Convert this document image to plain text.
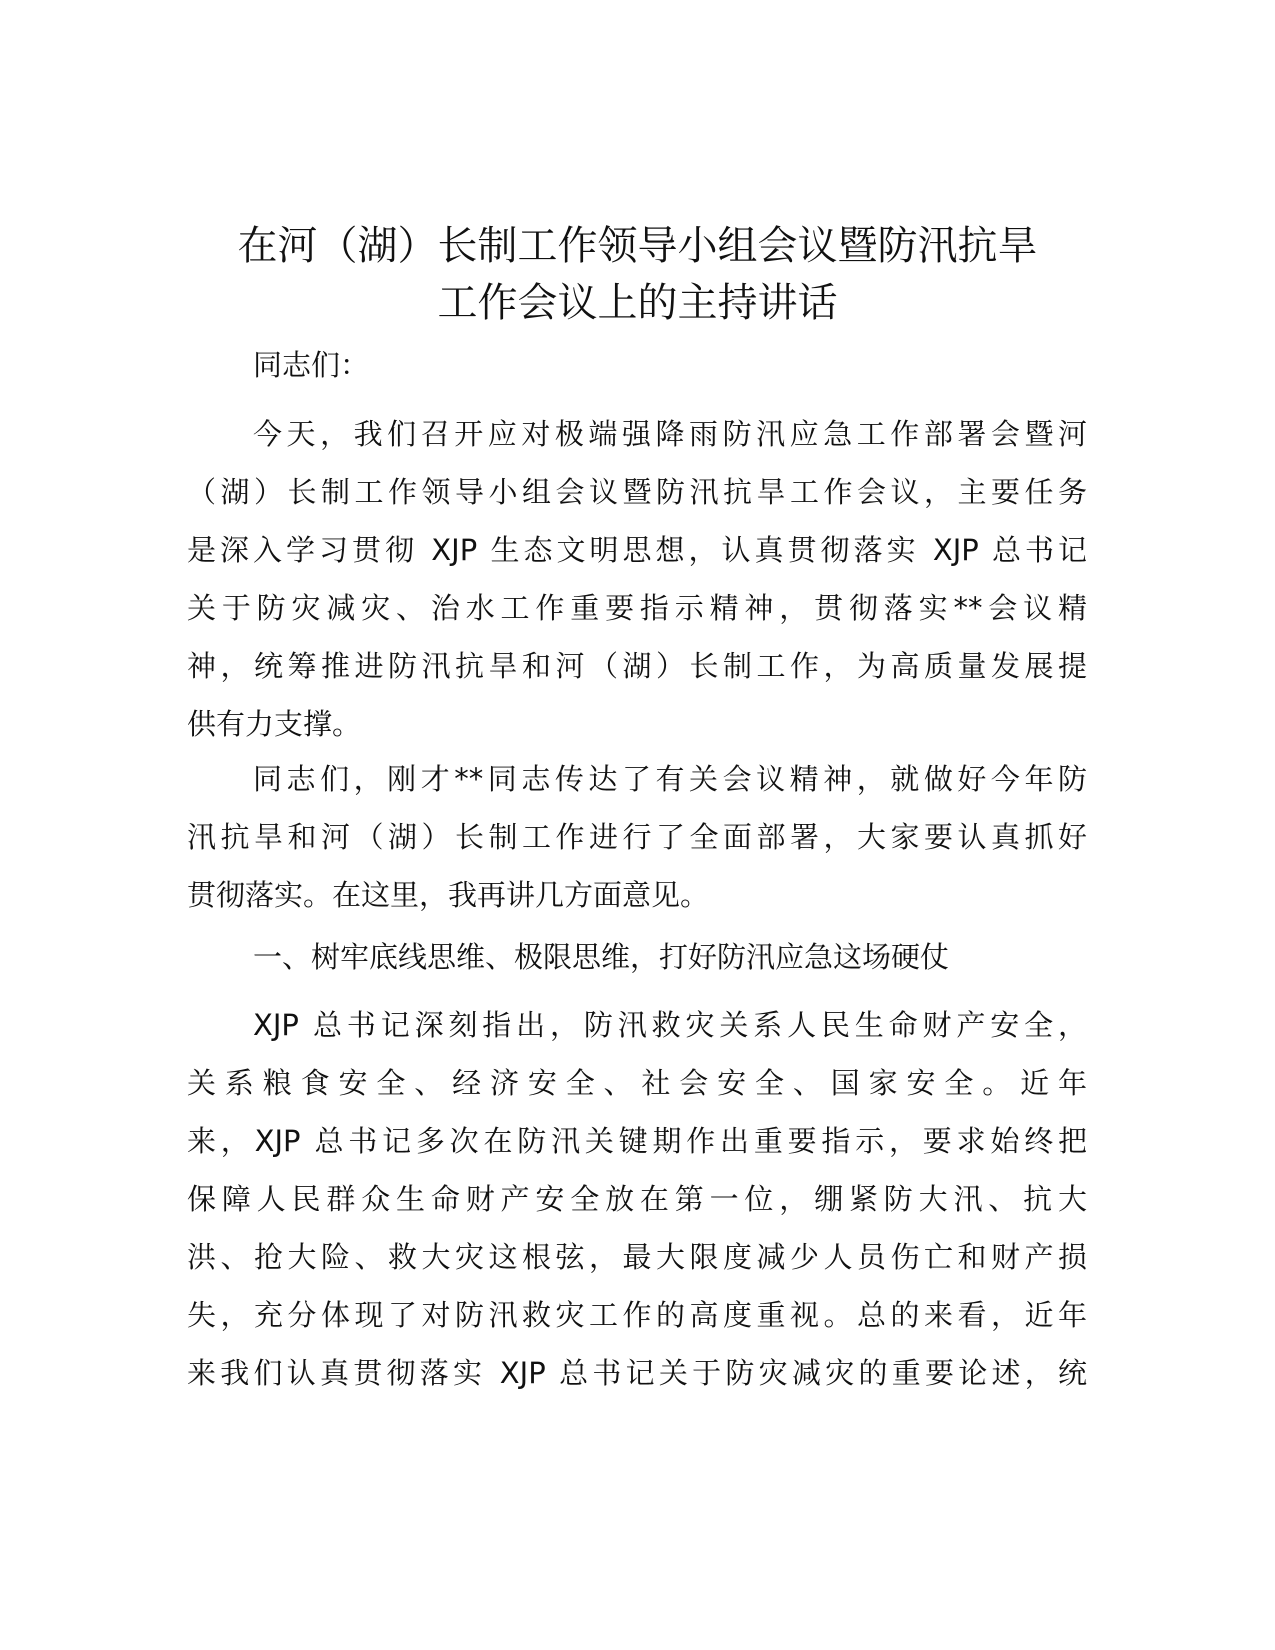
在河（湖）长制工作领导小组会议暨防汛抗旱
工作会议上的主持讲话

同志们：

今天，我们召开应对极端强降雨防汛应急工作部署会暨河
（湖）长制工作领导小组会议暨防汛抗旱工作会议，主要任务
是深入学习贯彻 XJP 生态文明思想，认真贯彻落实 XJP 总书记
关于防灾减灾、治水工作重要指示精神，贯彻落实**会议精
神，统筹推进防汛抗旱和河（湖）长制工作，为高质量发展提
供有力支撑。

同志们，刚才**同志传达了有关会议精神，就做好今年防
汛抗旱和河（湖）长制工作进行了全面部署，大家要认真抓好
贯彻落实。在这里，我再讲几方面意见。

一、树牢底线思维、极限思维，打好防汛应急这场硬仗

XJP 总书记深刻指出，防汛救灾关系人民生命财产安全，
关系粮食安全、经济安全、社会安全、国家安全。近年
来，XJP 总书记多次在防汛关键期作出重要指示，要求始终把
保障人民群众生命财产安全放在第一位，绷紧防大汛、抗大
洪、抢大险、救大灾这根弦，最大限度减少人员伤亡和财产损
失，充分体现了对防汛救灾工作的高度重视。总的来看，近年
来我们认真贯彻落实 XJP 总书记关于防灾减灾的重要论述，统
